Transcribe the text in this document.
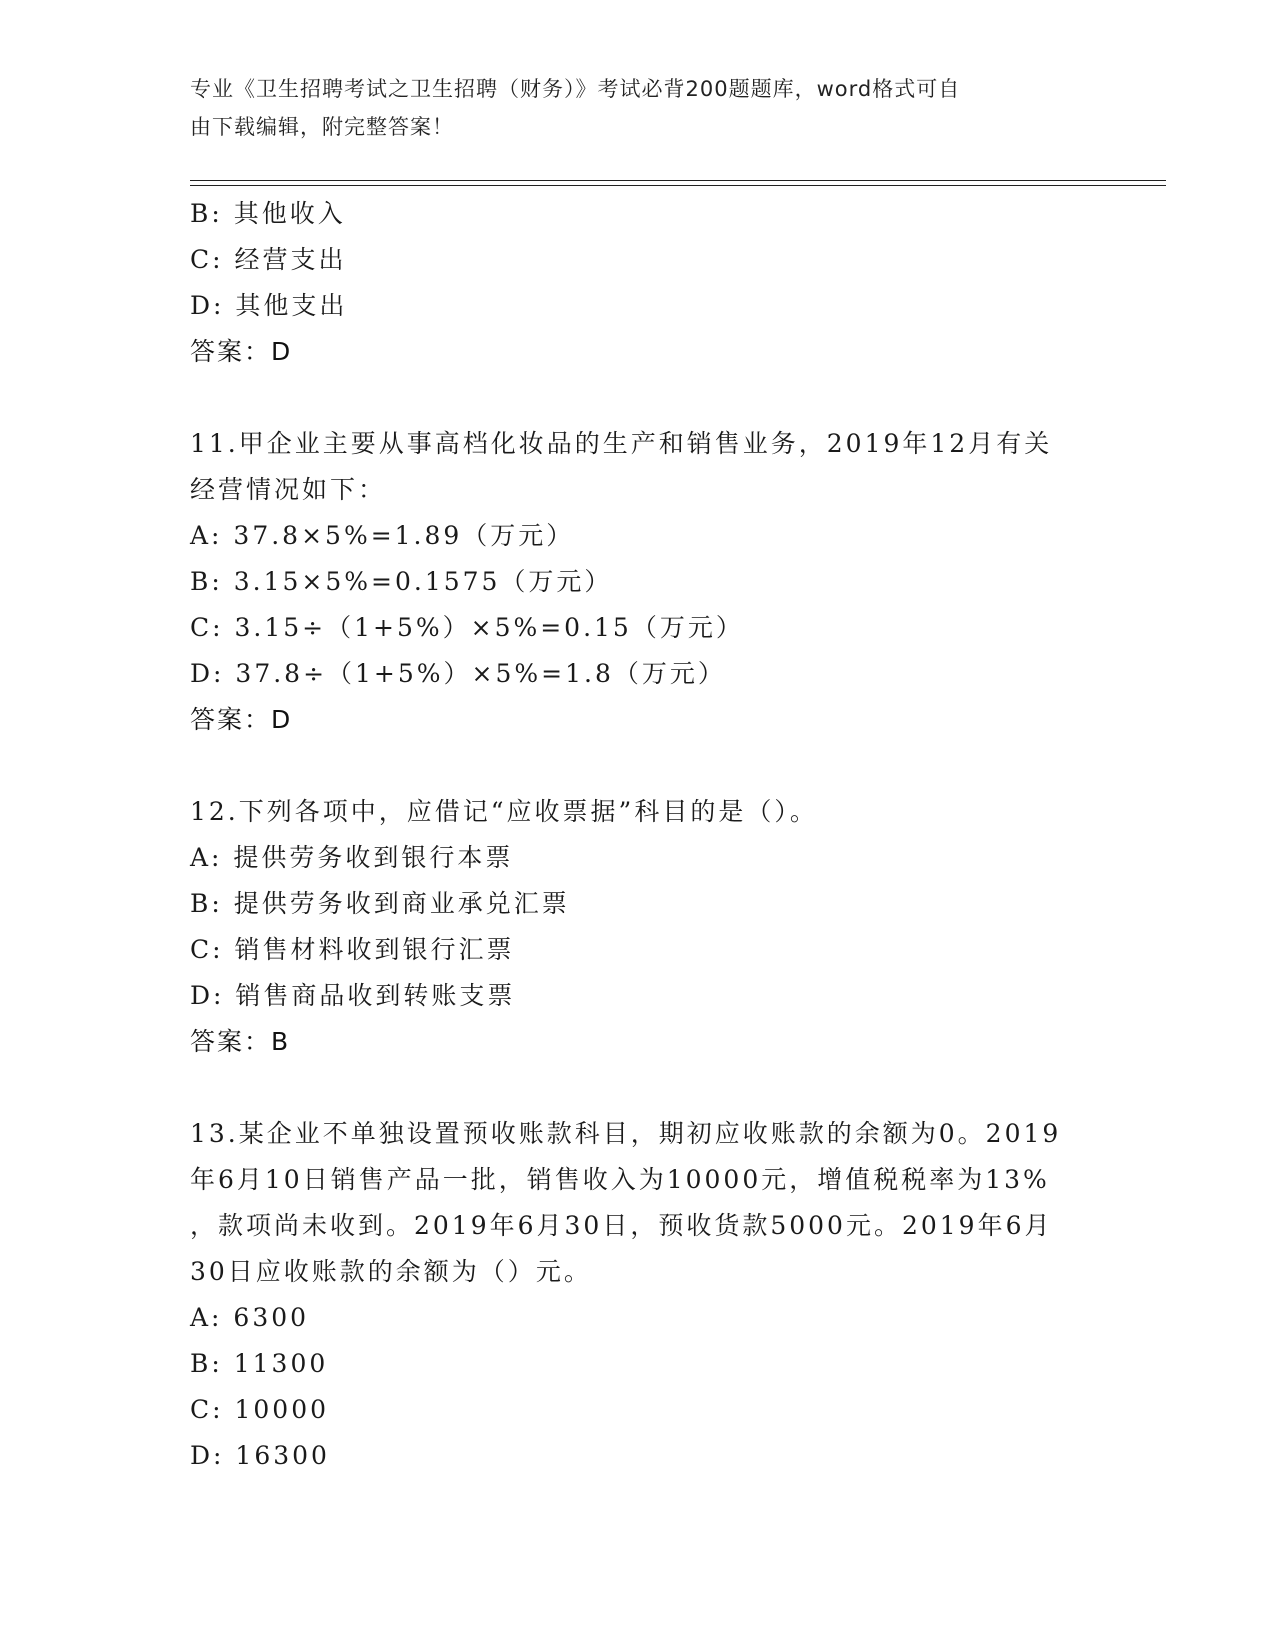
专业《卫生招聘考试之卫生招聘（财务）》考试必背200题题库，word格式可自
由下载编辑，附完整答案！
B: 其他收入
C: 经营支出
D: 其他支出
答案：D
11.甲企业主要从事高档化妆品的生产和销售业务，2019年12月有关
经营情况如下：
A: 37.8×5%=1.89（万元）
B: 3.15×5%=0.1575（万元）
C: 3.15÷（1+5%）×5%=0.15（万元）
D: 37.8÷（1+5%）×5%=1.8（万元）
答案：D
12.下列各项中，应借记“应收票据”科目的是（）。
A: 提供劳务收到银行本票
B: 提供劳务收到商业承兑汇票
C: 销售材料收到银行汇票
D: 销售商品收到转账支票
答案：B
13.某企业不单独设置预收账款科目，期初应收账款的余额为0。2019
年6月10日销售产品一批，销售收入为10000元，增值税税率为13%
，款项尚未收到。2019年6月30日，预收货款5000元。2019年6月
30日应收账款的余额为（）元。
A: 6300
B: 11300
C: 10000
D: 16300
